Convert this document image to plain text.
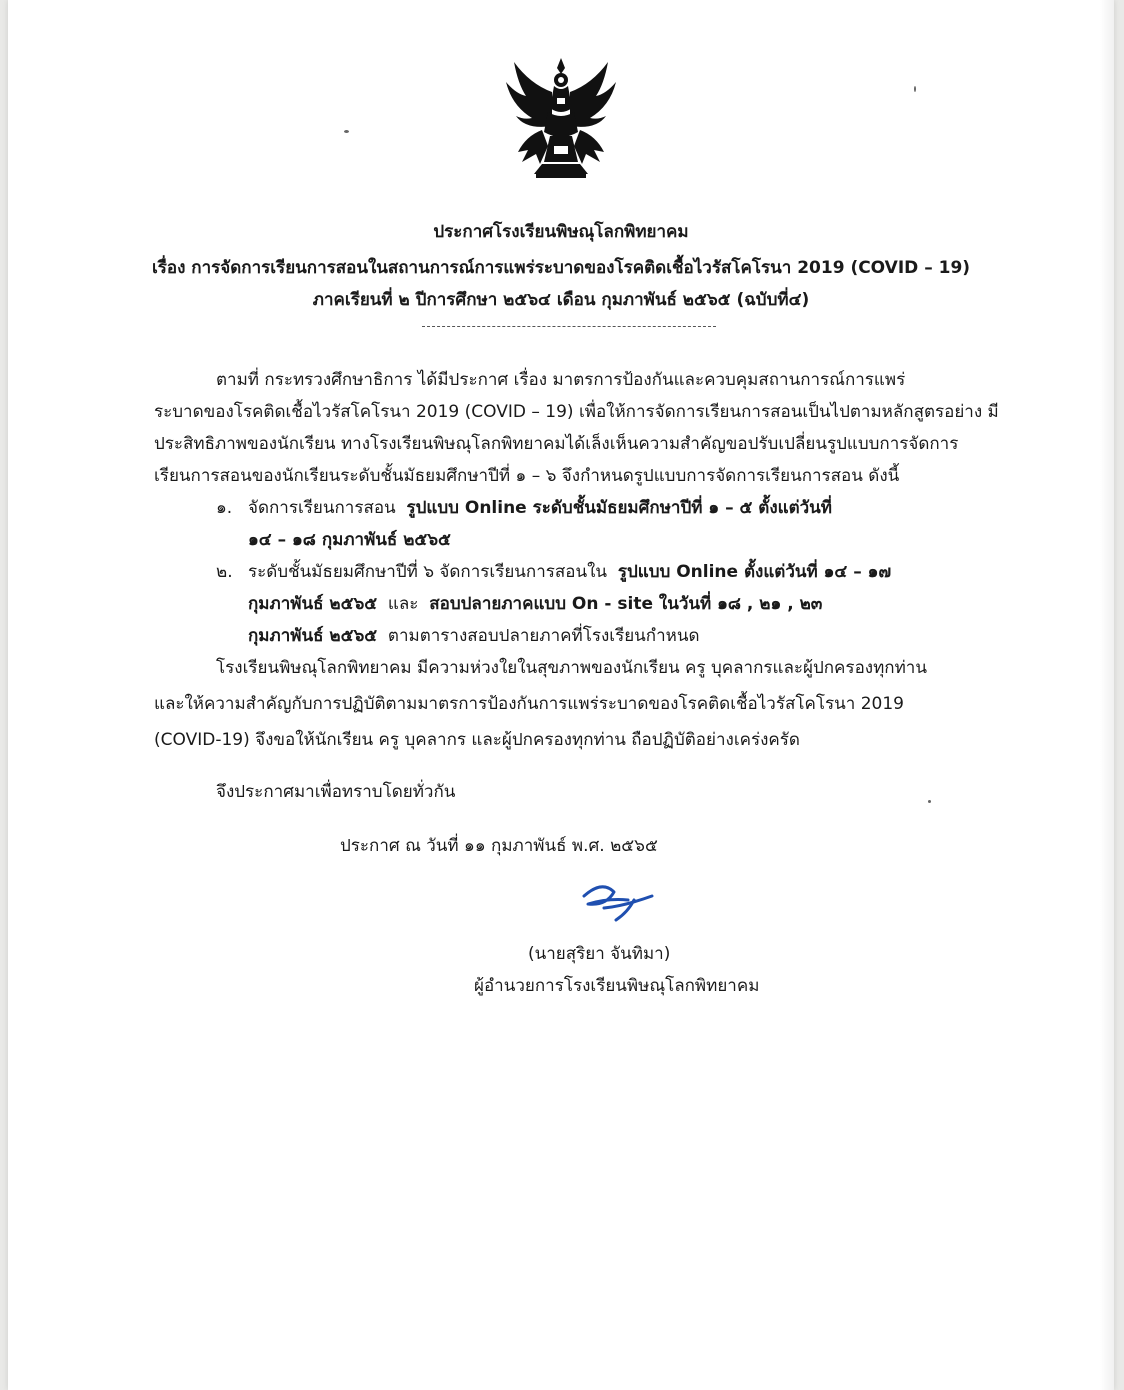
ประกาศโรงเรียนพิษณุโลกพิทยาคม
เรื่อง การจัดการเรียนการสอนในสถานการณ์การแพร่ระบาดของโรคติดเชื้อไวรัสโคโรนา 2019 (COVID – 19)
ภาคเรียนที่ ๒ ปีการศึกษา ๒๕๖๔ เดือน กุมภาพันธ์ ๒๕๖๕ (ฉบับที่๔)
ตามที่ กระทรวงศึกษาธิการ ได้มีประกาศ เรื่อง มาตรการป้องกันและควบคุมสถานการณ์การแพร่
ระบาดของโรคติดเชื้อไวรัสโคโรนา 2019 (COVID – 19) เพื่อให้การจัดการเรียนการสอนเป็นไปตามหลักสูตรอย่าง มี
ประสิทธิภาพของนักเรียน ทางโรงเรียนพิษณุโลกพิทยาคมได้เล็งเห็นความสำคัญขอปรับเปลี่ยนรูปแบบการจัดการ
เรียนการสอนของนักเรียนระดับชั้นมัธยมศึกษาปีที่ ๑ – ๖ จึงกำหนดรูปแบบการจัดการเรียนการสอน ดังนี้
๑. จัดการเรียนการสอน รูปแบบ Online ระดับชั้นมัธยมศึกษาปีที่ ๑ – ๕ ตั้งแต่วันที่
๑๔ – ๑๘ กุมภาพันธ์ ๒๕๖๕
๒. ระดับชั้นมัธยมศึกษาปีที่ ๖ จัดการเรียนการสอนใน รูปแบบ Online ตั้งแต่วันที่ ๑๔ – ๑๗
กุมภาพันธ์ ๒๕๖๕ และ สอบปลายภาคแบบ On - site ในวันที่ ๑๘ , ๒๑ , ๒๓
กุมภาพันธ์ ๒๕๖๕ ตามตารางสอบปลายภาคที่โรงเรียนกำหนด
โรงเรียนพิษณุโลกพิทยาคม มีความห่วงใยในสุขภาพของนักเรียน ครู บุคลากรและผู้ปกครองทุกท่าน
และให้ความสำคัญกับการปฏิบัติตามมาตรการป้องกันการแพร่ระบาดของโรคติดเชื้อไวรัสโคโรนา 2019
(COVID-19) จึงขอให้นักเรียน ครู บุคลากร และผู้ปกครองทุกท่าน ถือปฏิบัติอย่างเคร่งครัด
จึงประกาศมาเพื่อทราบโดยทั่วกัน
ประกาศ ณ วันที่ ๑๑ กุมภาพันธ์ พ.ศ. ๒๕๖๕
(นายสุริยา จันทิมา)
ผู้อำนวยการโรงเรียนพิษณุโลกพิทยาคม
